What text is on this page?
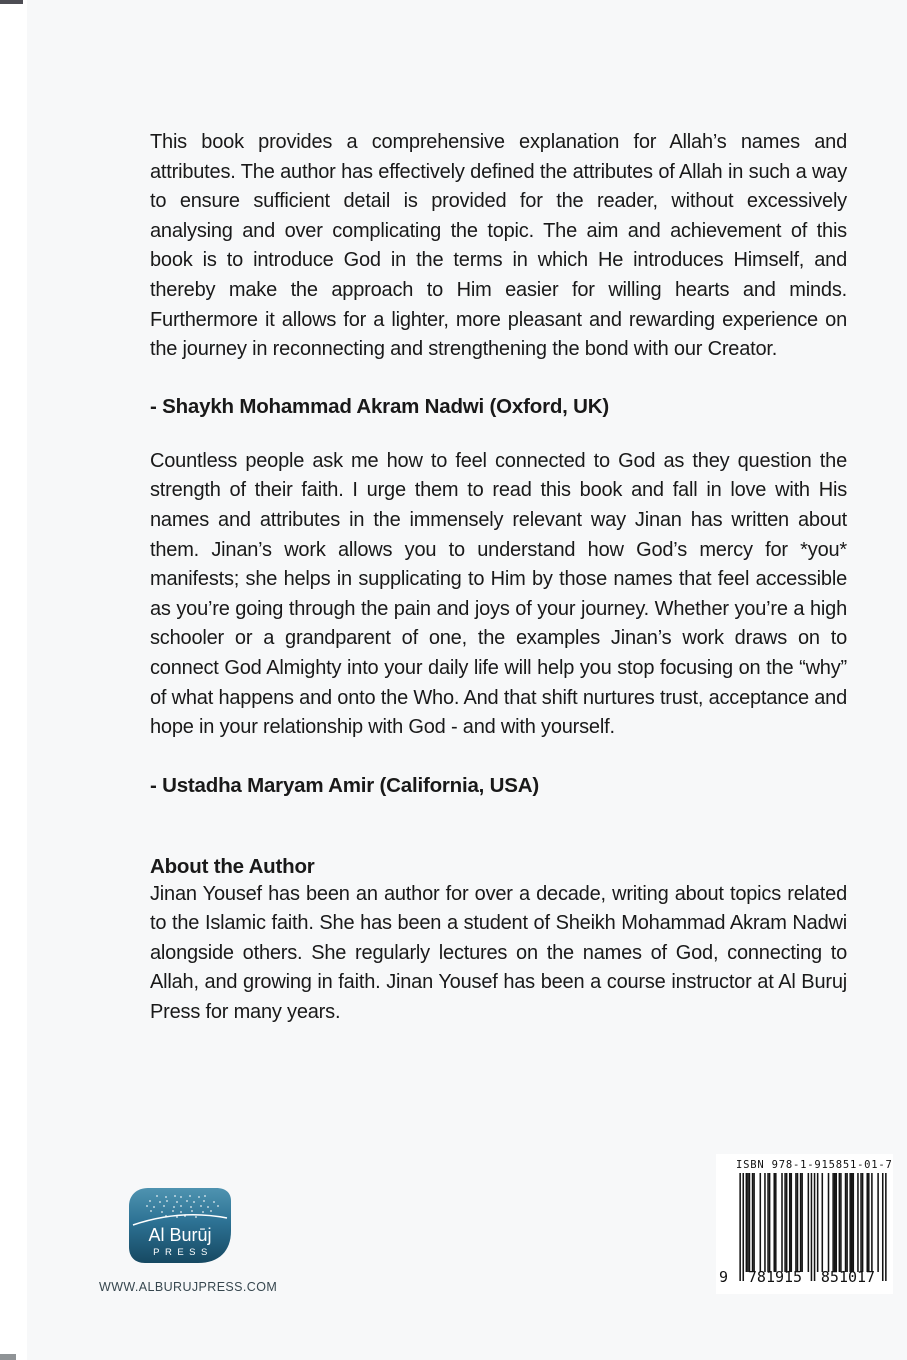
This book provides a comprehensive explanation for Allah’s names and attributes. The author has effectively defined the attributes of Allah in such a way to ensure sufficient detail is provided for the reader, without excessively analysing and over complicating the topic. The aim and achievement of this book is to introduce God in the terms in which He introduces Himself, and thereby make the approach to Him easier for willing hearts and minds. Furthermore it allows for a lighter, more pleasant and rewarding experience on the journey in reconnecting and strengthening the bond with our Creator.

- Shaykh Mohammad Akram Nadwi (Oxford, UK)

Countless people ask me how to feel connected to God as they question the strength of their faith. I urge them to read this book and fall in love with His names and attributes in the immensely relevant way Jinan has written about them. Jinan’s work allows you to understand how God’s mercy for *you* manifests; she helps in supplicating to Him by those names that feel accessible as you’re going through the pain and joys of your journey. Whether you’re a high schooler or a grandparent of one, the examples Jinan’s work draws on to connect God Almighty into your daily life will help you stop focusing on the “why” of what happens and onto the Who. And that shift nurtures trust, acceptance and hope in your relationship with God - and with yourself.

- Ustadha Maryam Amir (California, USA)

About the Author

Jinan Yousef has been an author for over a decade, writing about topics related to the Islamic faith. She has been a student of Sheikh Mohammad Akram Nadwi alongside others. She regularly lectures on the names of God, connecting to Allah, and growing in faith. Jinan Yousef has been a course instructor at Al Buruj Press for many years.

Al Burūj
PRESS
WWW.ALBURUJPRESS.COM
ISBN 978-1-915851-01-7
9	781915	851017
